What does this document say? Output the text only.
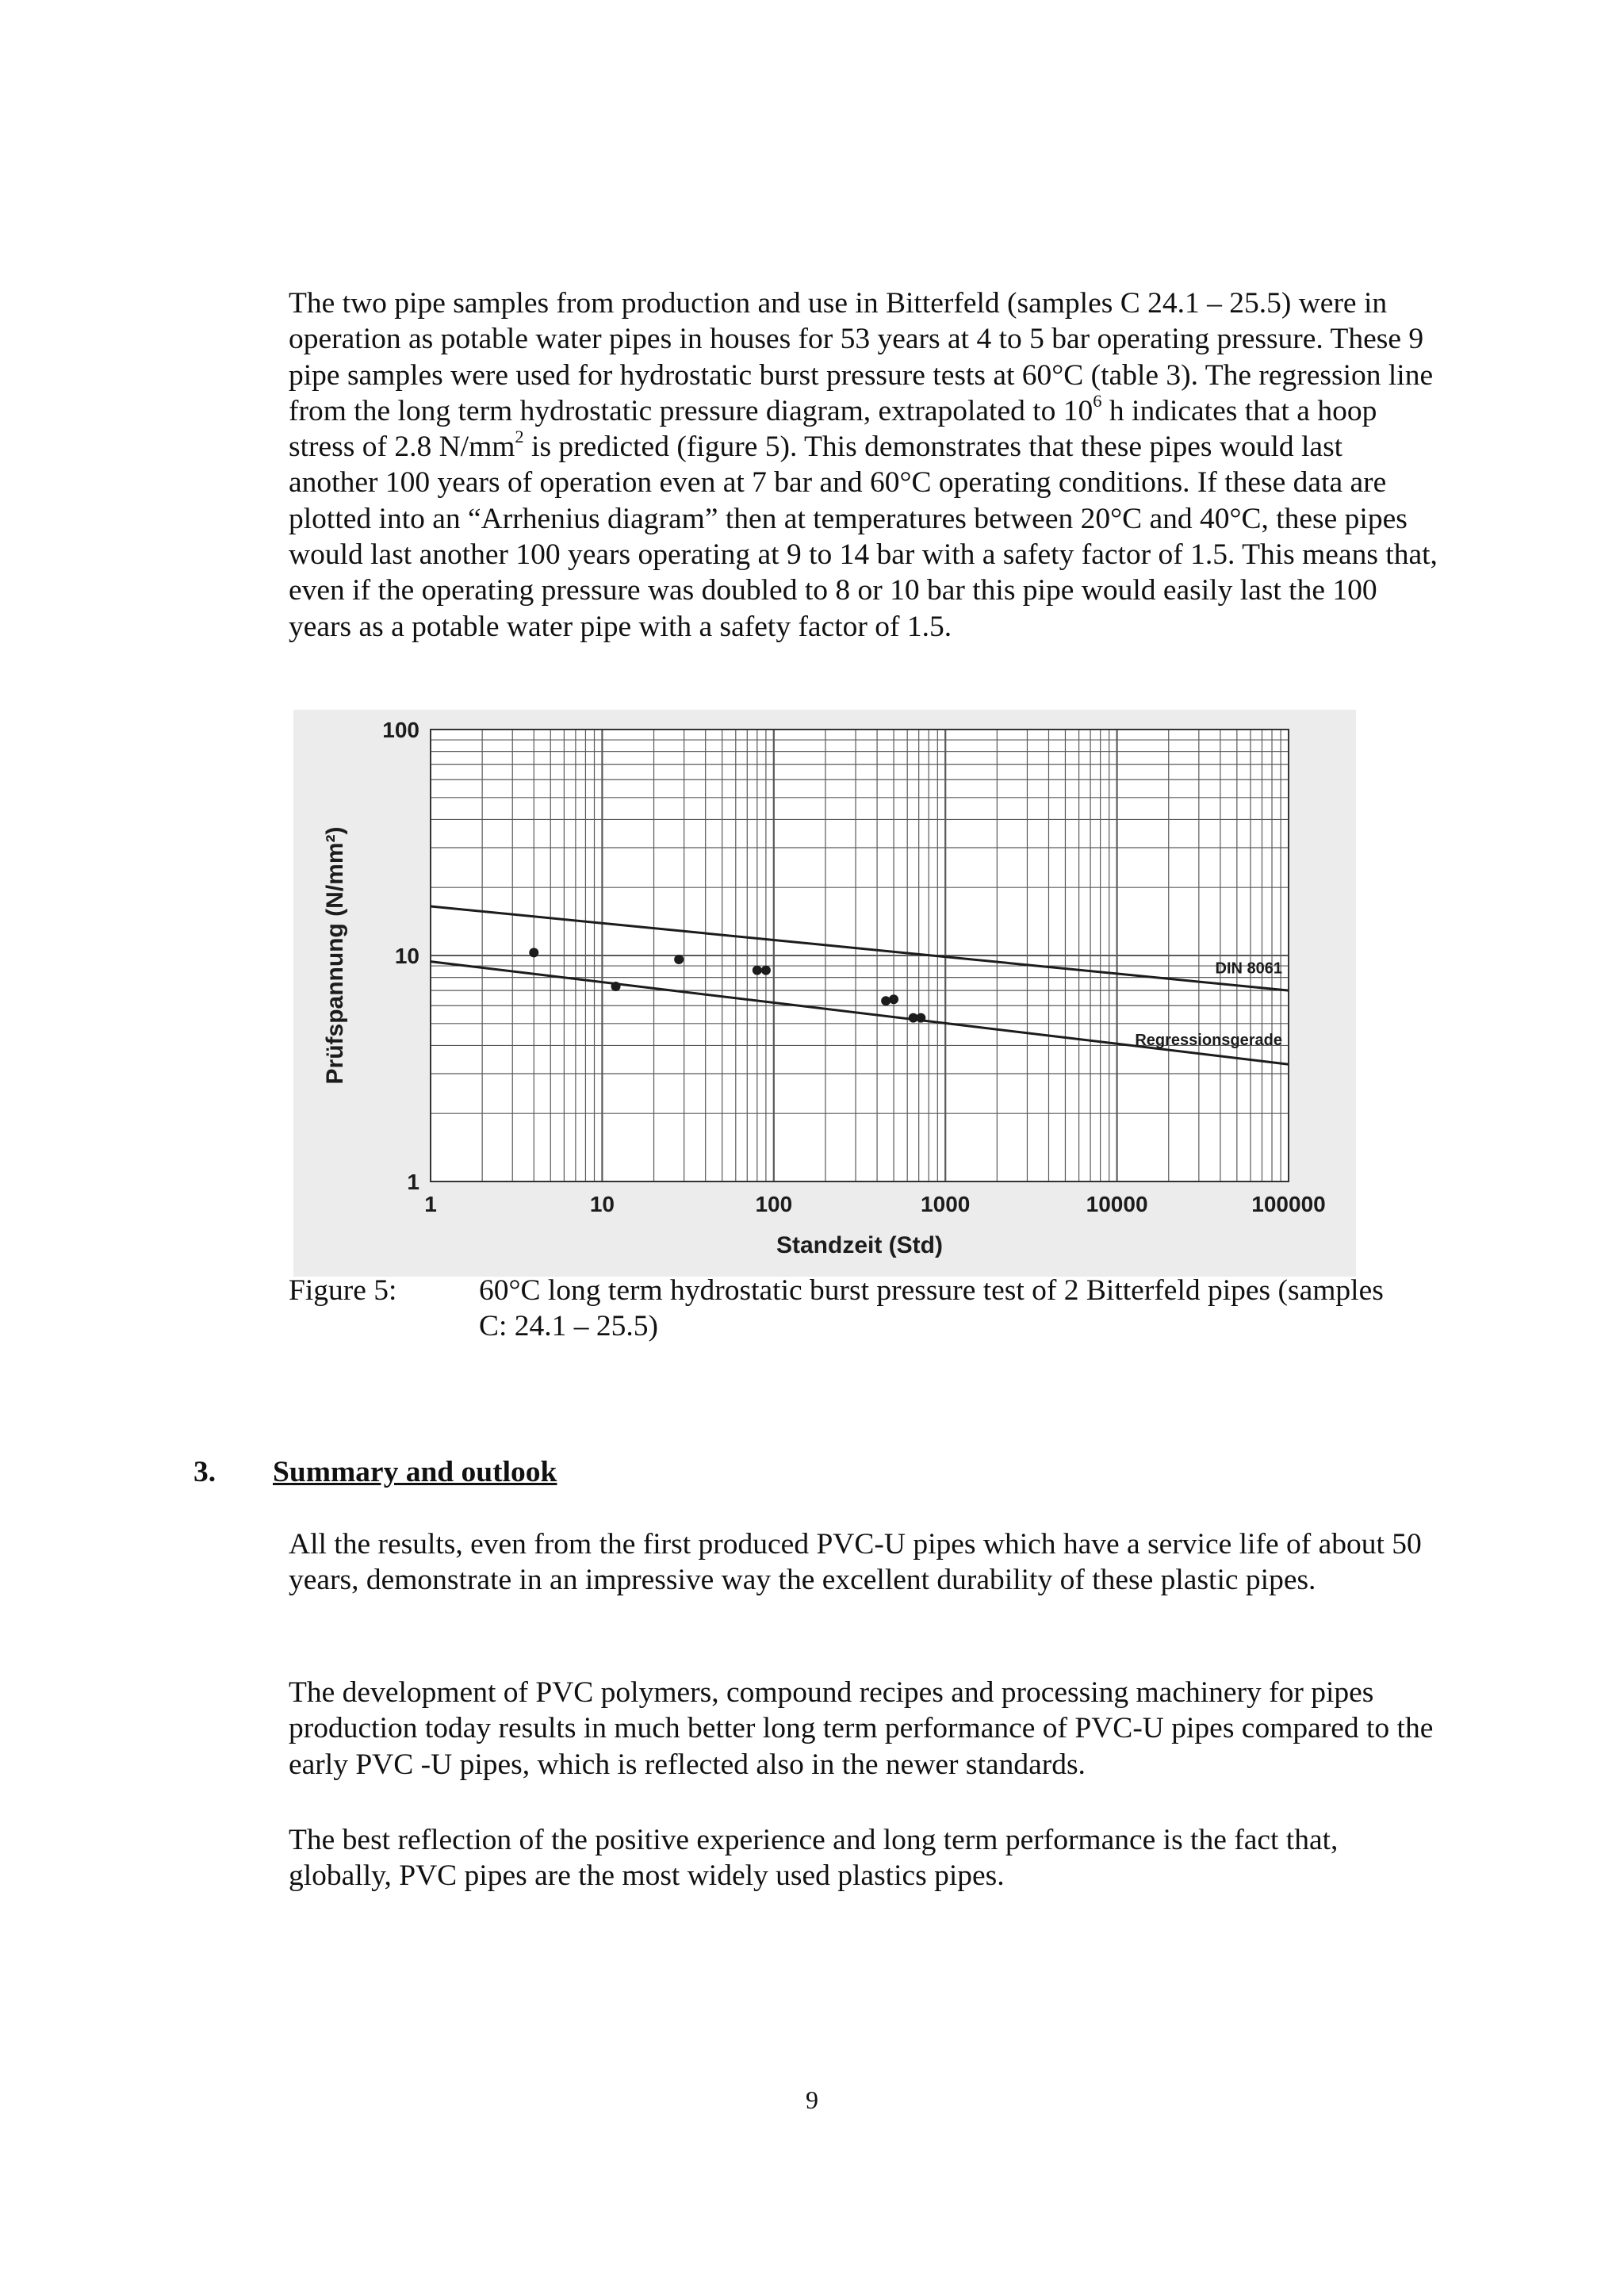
The two pipe samples from production and use in Bitterfeld (samples C 24.1 – 25.5) were in operation as potable water pipes in houses for 53 years at 4 to 5 bar operating pressure. These 9 pipe samples were used for hydrostatic burst pressure tests at 60°C (table 3). The regression line from the long term hydrostatic pressure diagram, extrapolated to $10^6$ h indicates that a hoop stress of 2.8 $N/mm^2$ is predicted (figure 5). This demonstrates that these pipes would last another 100 years of operation even at 7 bar and 60°C operating conditions. If these data are plotted into an “Arrhenius diagram” then at temperatures between 20°C and 40°C, these pipes would last another 100 years operating at 9 to 14 bar with a safety factor of 1.5. This means that, even if the operating pressure was doubled to 8 or 10 bar this pipe would easily last the 100 years as a potable water pipe with a safety factor of 1.5.

DIN 8061
Regressionsgerade
1	10	100	1000	10000	100000
1
10
100
Standzeit (Std)
Prüfspannung (N/mm²)
Figure 5:	60°C long term hydrostatic burst pressure test of 2 Bitterfeld pipes (samples C: 24.1 – 25.5)
3. Summary and outlook

All the results, even from the first produced PVC-U pipes which have a service life of about 50 years, demonstrate in an impressive way the excellent durability of these plastic pipes.

The development of PVC polymers, compound recipes and processing machinery for pipes production today results in much better long term performance of PVC-U pipes compared to the early PVC -U pipes, which is reflected also in the newer standards.

The best reflection of the positive experience and long term performance is the fact that, globally, PVC pipes are the most widely used plastics pipes.

9
